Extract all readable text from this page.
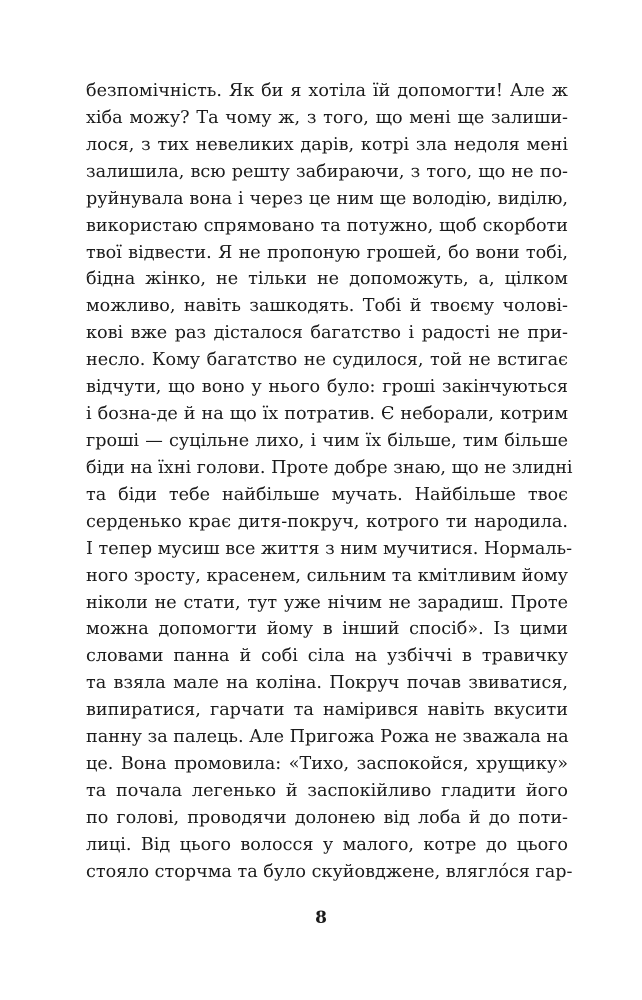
безпомічність. Як би я хотіла їй допомогти! Але ж
хіба можу? Та чому ж, з того, що мені ще залиши-
лося, з тих невеликих дарів, котрі зла недоля мені
залишила, всю решту забираючи, з того, що не по-
руйнувала вона і через це ним ще володію, виділю,
використаю спрямовано та потужно, щоб скорботи
твої відвести. Я не пропоную грошей, бо вони тобі,
бідна жінко, не тільки не допоможуть, а, цілком
можливо, навіть зашкодять. Тобі й твоєму чолові-
кові вже раз дісталося багатство і радості не при-
несло. Кому багатство не судилося, той не встигає
відчути, що воно у нього було: гроші закінчуються
і бозна-де й на що їх потратив. Є неборали, котрим
гроші — суцільне лихо, і чим їх більше, тим більше
біди на їхні голови. Проте добре знаю, що не злидні
та біди тебе найбільше мучать. Найбільше твоє
серденько крає дитя-покруч, котрого ти народила.
І тепер мусиш все життя з ним мучитися. Нормаль-
ного зросту, красенем, сильним та кмітливим йому
ніколи не стати, тут уже нічим не зарадиш. Проте
можна допомогти йому в інший спосіб». Із цими
словами панна й собі сіла на узбіччі в травичку
та взяла мале на коліна. Покруч почав звиватися,
випиратися, гарчати та намірився навіть вкусити
панну за палець. Але Пригожа Рожа не зважала на
це. Вона промовила: «Тихо, заспокойся, хрущику»
та почала легенько й заспокійливо гладити його
по голові, проводячи долонею від лоба й до поти-
лиці. Від цього волосся у малого, котре до цього
стояло сторчма та було скуйовджене, влягло́ся гар-
8
